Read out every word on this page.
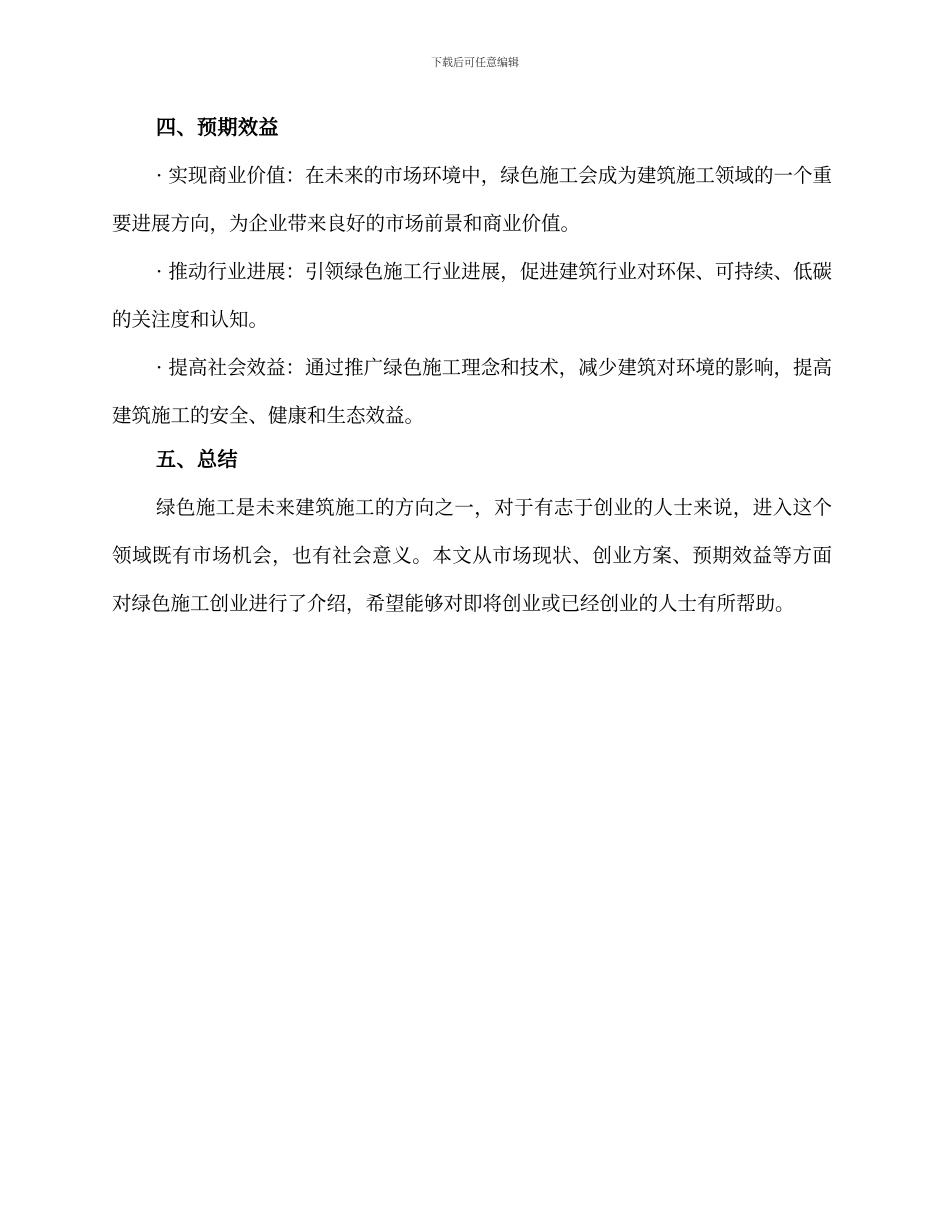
下载后可任意编辑
四、预期效益

· 实现商业价值：在未来的市场环境中，绿色施工会成为建筑施工领域的一个重要进展方向，为企业带来良好的市场前景和商业价值。

· 推动行业进展：引领绿色施工行业进展，促进建筑行业对环保、可持续、低碳的关注度和认知。

· 提高社会效益：通过推广绿色施工理念和技术，减少建筑对环境的影响，提高建筑施工的安全、健康和生态效益。

五、总结

绿色施工是未来建筑施工的方向之一，对于有志于创业的人士来说，进入这个领域既有市场机会，也有社会意义。本文从市场现状、创业方案、预期效益等方面对绿色施工创业进行了介绍，希望能够对即将创业或已经创业的人士有所帮助。
